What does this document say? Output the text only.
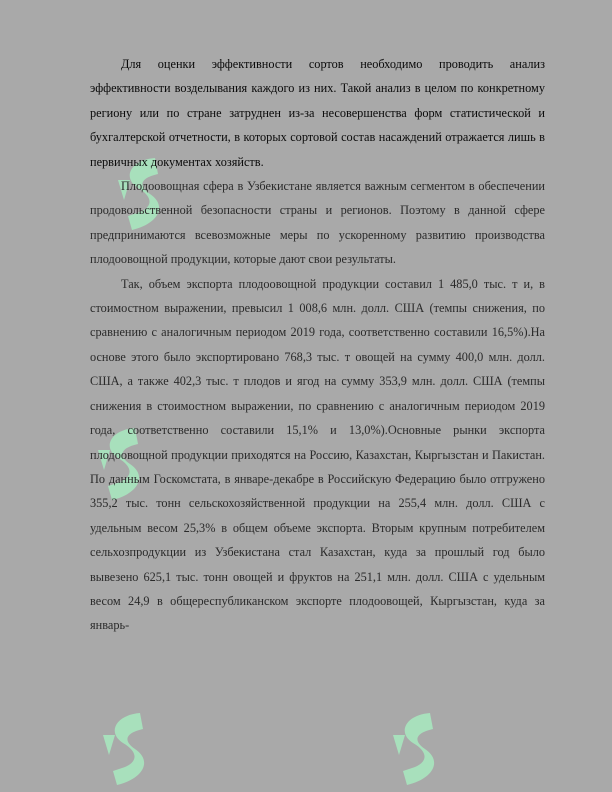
Для оценки эффективности сортов необходимо проводить анализ эффективности возделывания каждого из них. Такой анализ в целом по конкретному региону или по стране затруднен из-за несовершенства форм статистической и бухгалтерской отчетности, в которых сортовой состав насаждений отражается лишь в первичных документах хозяйств.

Плодоовощная сфера в Узбекистане является важным сегментом в обеспечении продовольственной безопасности страны и регионов. Поэтому в данной сфере предпринимаются всевозможные меры по ускоренному развитию производства плодоовощной продукции, которые дают свои результаты.

Так, объем экспорта плодоовощной продукции составил 1 485,0 тыс. т и, в стоимостном выражении, превысил 1 008,6 млн. долл. США (темпы снижения, по сравнению с аналогичным периодом 2019 года, соответственно составили 16,5%).На основе этого было экспортировано 768,3 тыс. т овощей на сумму 400,0 млн. долл. США, а также 402,3 тыс. т плодов и ягод на сумму 353,9 млн. долл. США (темпы снижения в стоимостном выражении, по сравнению с аналогичным периодом 2019 года, соответственно составили 15,1% и 13,0%).Основные рынки экспорта плодоовощной продукции приходятся на Россию, Казахстан, Кыргызстан и Пакистан. По данным Госкомстата, в январе-декабре в Российскую Федерацию было отгружено 355,2 тыс. тонн сельскохозяйственной продукции на 255,4 млн. долл. США с удельным весом 25,3% в общем объеме экспорта. Вторым крупным потребителем сельхозпродукции из Узбекистана стал Казахстан, куда за прошлый год было вывезено 625,1 тыс. тонн овощей и фруктов на 251,1 млн. долл. США с удельным весом 24,9 в общереспубликанском экспорте плодоовощей, Кыргызстан, куда за январь-
